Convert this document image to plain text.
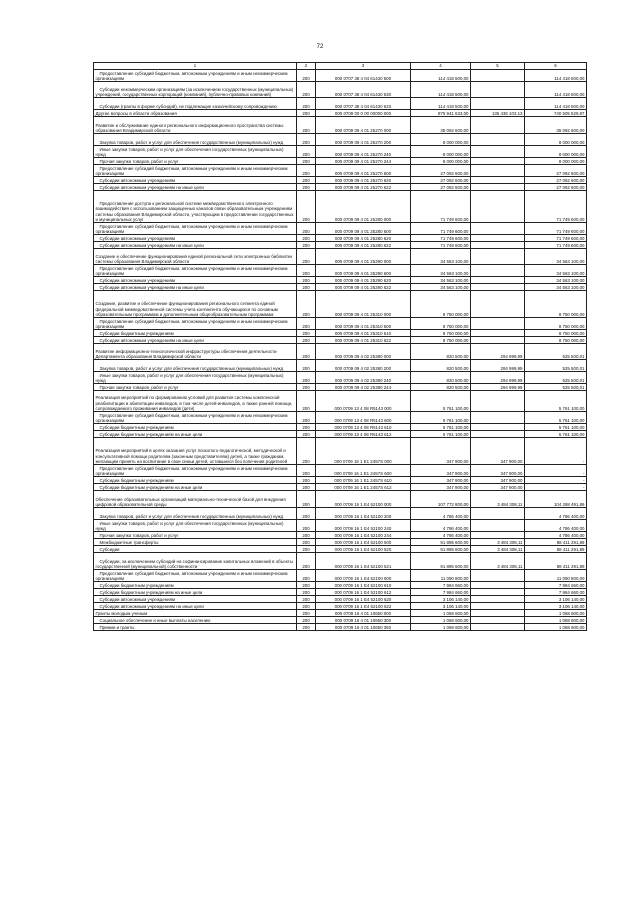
72
1	2	3	4	5	6
Предоставление субсидий бюджетным, автономным учреждениям и иным некоммерческим организациям	200	000 0707 38 4 04 61430 600	114 418 500,00		114 418 500,00
Субсидии некоммерческим организациям (за исключением государственных (муниципальных) учреждений, государственных корпораций (компаний), публично-правовых компаний)	200	000 0707 38 4 04 61430 630	114 418 500,00		114 418 500,00
Субсидии (гранты в форме субсидий), не подлежащие казначейскому сопровождению	200	000 0707 38 4 04 61430 633	114 418 500,00		114 418 500,00
Другие вопросы в области образования	200	000 0709 00 0 00 00000 000	875 941 633,00	135 436 103,13	740 505 529,87
Развитие и обслуживание единого регионального информационного пространства системы образования Владимирской области	200	000 0709 09 4 01 25270 000	35 092 600,00		35 092 600,00
Закупка товаров, работ и услуг для обеспечения государственных (муниципальных) нужд	200	000 0709 09 4 01 25270 200	8 000 000,00		8 000 000,00
Иные закупки товаров, работ и услуг для обеспечения государственных (муниципальных) нужд	200	000 0709 09 4 01 25270 240	8 000 000,00		8 000 000,00
Прочая закупка товаров, работ и услуг	200	000 0709 09 4 01 25270 244	8 000 000,00		8 000 000,00
Предоставление субсидий бюджетным, автономным учреждениям и иным некоммерческим организациям	200	000 0709 09 4 01 25270 600	27 092 600,00		27 092 600,00
Субсидии автономным учреждениям	200	000 0709 09 4 01 25270 620	27 092 600,00		27 092 600,00
Субсидии автономным учреждениям на иные цели	200	000 0709 09 4 01 25270 622	27 092 600,00		27 092 600,00
Предоставление доступа к региональной системе межведомственного электронного взаимодействия с использованием защищенных каналов связи образовательным учреждениям системы образования Владимирской области, участвующим в предоставлении государственных и муниципальных услуг	200	000 0709 09 4 01 25280 000	71 749 600,00		71 749 600,00
Предоставление субсидий бюджетным, автономным учреждениям и иным некоммерческим организациям	200	000 0709 09 4 01 25280 600	71 749 600,00		71 749 600,00
Субсидии автономным учреждениям	200	000 0709 09 4 01 25280 620	71 749 600,00		71 749 600,00
Субсидии автономным учреждениям на иные цели	200	000 0709 09 4 01 25280 622	71 749 600,00		71 749 600,00
Создание и обеспечение функционирования единой региональной сети электронных библиотек системы образования Владимирской области	200	000 0709 09 4 01 25290 000	34 563 100,00		34 563 100,00
Предоставление субсидий бюджетным, автономным учреждениям и иным некоммерческим организациям	200	000 0709 09 4 01 25290 600	34 563 100,00		34 563 100,00
Субсидии автономным учреждениям	200	000 0709 09 4 01 25290 620	34 563 100,00		34 563 100,00
Субсидии автономным учреждениям на иные цели	200	000 0709 09 4 01 25290 622	34 563 100,00		34 563 100,00
Создание, развитие и обеспечение функционирования регионального сегмента единой федеральной межведомственной системы учета контингента обучающихся по основным образовательным программам и дополнительным общеобразовательным программам	200	000 0709 09 4 01 25310 000	8 750 000,00		8 750 000,00
Предоставление субсидий бюджетным, автономным учреждениям и иным некоммерческим организациям	200	000 0709 09 4 01 25310 600	8 750 000,00		8 750 000,00
Субсидии бюджетным учреждениям	200	000 0709 09 4 01 25310 610	8 750 000,00		8 750 000,00
Субсидии автономным учреждениям на иные цели	200	000 0709 09 4 01 25310 622	8 750 000,00		8 750 000,00
Развитие информационно-технологической инфраструктуры обеспечения деятельности Департамента образования Владимирской области	200	000 0709 09 4 02 25380 000	820 500,00	294 999,99	525 500,01
Закупка товаров, работ и услуг для обеспечения государственных (муниципальных) нужд	200	000 0709 09 4 02 25380 200	820 500,00	294 999,99	525 500,01
Иные закупки товаров, работ и услуг для обеспечения государственных (муниципальных) нужд	200	000 0709 09 4 02 25380 240	820 500,00	294 999,99	525 500,01
Прочая закупка товаров, работ и услуг	200	000 0709 09 4 02 25380 244	820 500,00	294 999,99	525 500,01
Реализация мероприятий по формированию условий для развития системы комплексной реабилитации и абилитации инвалидов, в том числе детей-инвалидов, а также ранней помощи, сопровождаемого проживания инвалидов (дети)	200	000 0709 13 4 08 R5143 000	5 761 100,00		5 761 100,00
Предоставление субсидий бюджетным, автономным учреждениям и иным некоммерческим организациям	200	000 0709 13 4 08 R5143 600	5 761 100,00		5 761 100,00
Субсидии бюджетным учреждениям	200	000 0709 13 4 08 R5143 610	5 761 100,00		5 761 100,00
Субсидии бюджетным учреждениям на иные цели	200	000 0709 13 4 08 R5143 612	5 761 100,00		5 761 100,00
Реализация мероприятий в целях оказания услуг психолого-педагогической, методической и консультативной помощи родителям (законным представителям) детей, а также гражданам, желающим принять на воспитание в свои семьи детей, оставшихся без попечения родителей	200	000 0709 16 1 E1 2457S 000	347 900,00	347 900,00	-
Предоставление субсидий бюджетным, автономным учреждениям и иным некоммерческим организациям	200	000 0709 16 1 E1 2457S 600	347 900,00	347 900,00	-
Субсидии бюджетным учреждениям	200	000 0709 16 1 E1 2457S 610	347 900,00	347 900,00	-
Субсидии бюджетным учреждениям на иные цели	200	000 0709 16 1 E1 2457S 612	347 900,00	347 900,00	-
Обеспечение образовательных организаций материально-технической базой для внедрения цифровой образовательной среды	200	000 0709 16 1 E4 52100 000	107 772 800,00	3 484 308,11	104 288 491,89
Закупка товаров, работ и услуг для обеспечения государственных (муниципальных) нужд	200	000 0709 16 1 E4 52100 200	4 786 400,00		4 786 400,00
Иные закупки товаров, работ и услуг для обеспечения государственных (муниципальных) нужд	200	000 0709 16 1 E4 52100 240	4 786 400,00		4 786 400,00
Прочая закупка товаров, работ и услуг	200	000 0709 16 1 E4 52100 244	4 786 400,00		4 786 400,00
Межбюджетные трансферты	200	000 0709 16 1 E4 52100 500	91 895 600,00	3 484 308,11	88 411 291,89
Субсидии	200	000 0709 16 1 E4 52100 520	91 895 600,00	3 484 308,11	88 411 291,89
Субсидии, за исключением субсидий на софинансирование капитальных вложений в объекты государственной (муниципальной) собственности	200	000 0709 16 1 E4 52100 521	91 895 600,00	3 484 308,11	88 411 291,89
Предоставление субсидий бюджетным, автономным учреждениям и иным некоммерческим организациям	200	000 0709 16 1 E4 52100 600	11 090 800,00		11 090 800,00
Субсидии бюджетным учреждениям	200	000 0709 16 1 E4 52100 610	7 984 660,00		7 984 660,00
Субсидии бюджетным учреждениям на иные цели	200	000 0709 16 1 E4 52100 612	7 984 660,00		7 984 660,00
Субсидии автономным учреждениям	200	000 0709 16 1 E4 52100 620	3 106 140,00		3 106 140,00
Субсидии автономным учреждениям на иные цели	200	000 0709 16 1 E4 52100 622	3 106 140,00		3 106 140,00
Гранты молодым ученым	200	000 0709 16 4 01 10650 000	1 068 600,00		1 068 600,00
Социальное обеспечение и иные выплаты населению	200	000 0709 16 4 01 10650 300	1 068 600,00		1 068 600,00
Премии и гранты	200	000 0709 16 4 01 10650 350	1 068 600,00		1 068 600,00
